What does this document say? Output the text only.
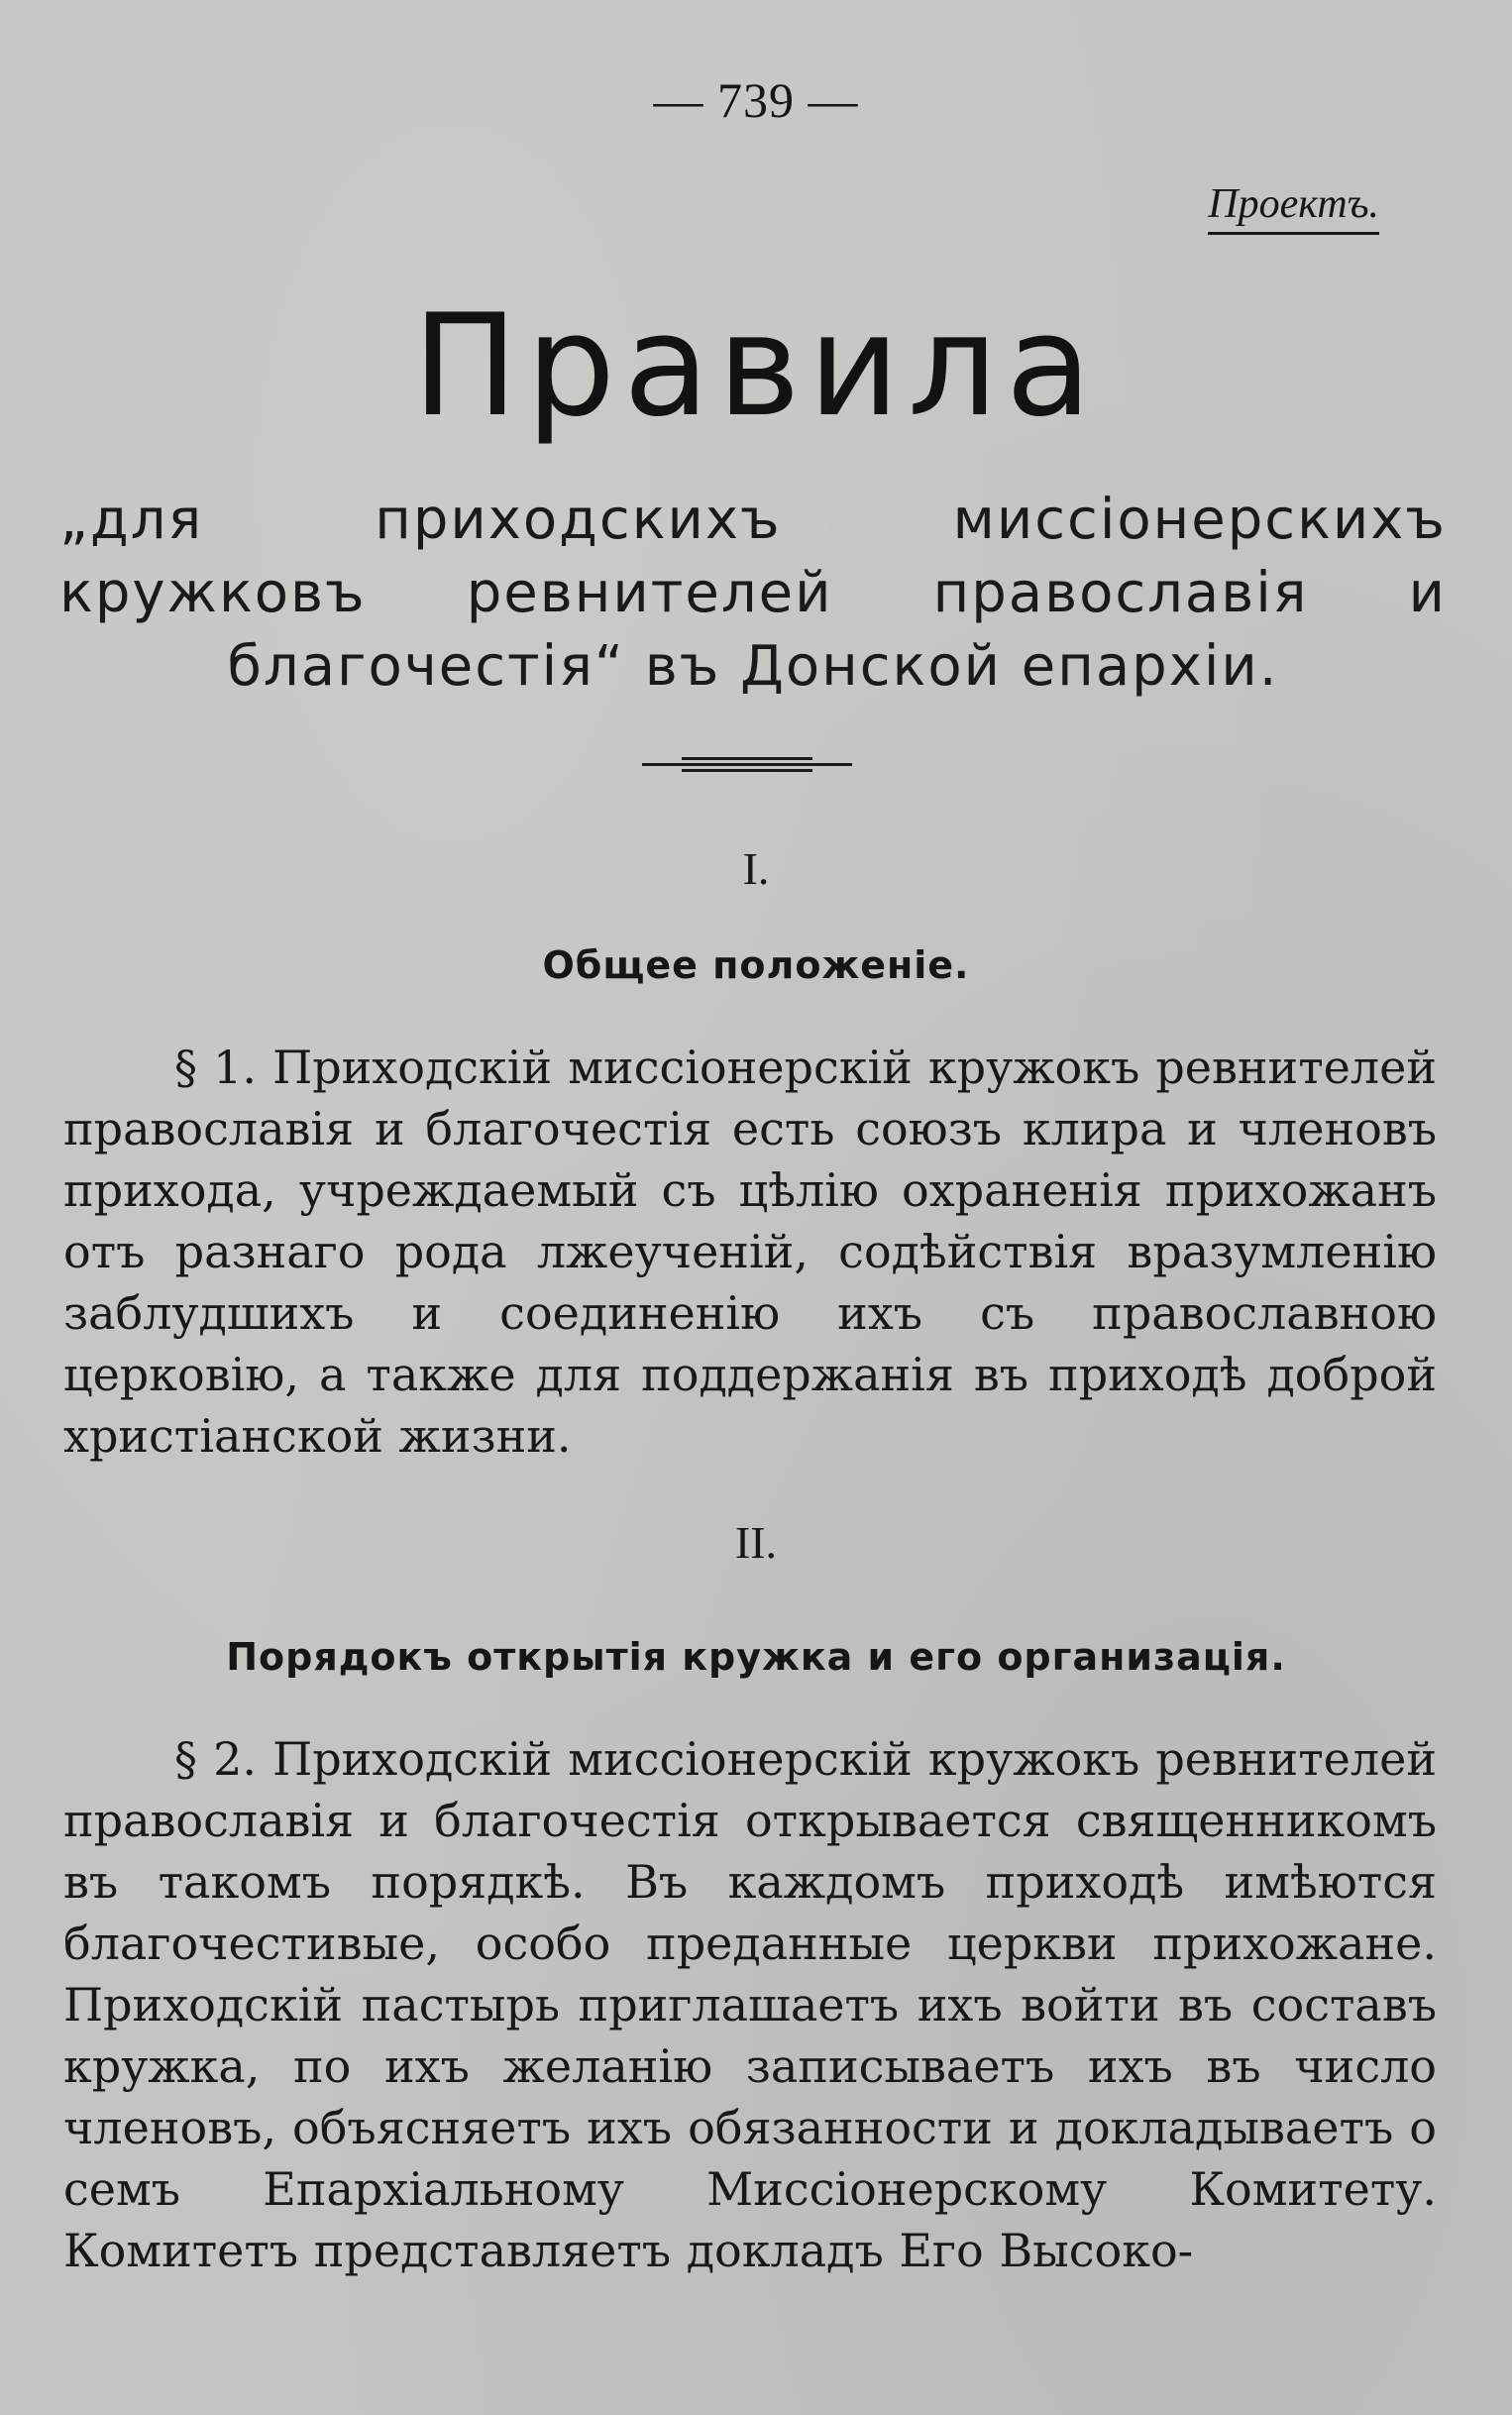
— 739 —
Проектъ.
Правила
„для приходскихъ миссіонерскихъ кружковъ ревнителей православія и благочестія“ въ Донской епархіи.
I.
Общее положеніе.

§ 1. Приходскій миссіонерскій кружокъ ревнителей православія и благочестія есть союзъ клира и членовъ прихода, учреждаемый съ цѣлію охраненія прихожанъ отъ разнаго рода лжеученій, содѣйствія вразумленію заблудшихъ и соединенію ихъ съ православною церковію, а также для поддержанія въ приходѣ доброй христіанской жизни.

II.
Порядокъ открытія кружка и его организація.

§ 2. Приходскій миссіонерскій кружокъ ревнителей православія и благочестія открывается священникомъ въ такомъ порядкѣ. Въ каждомъ приходѣ имѣются благочестивые, особо преданные церкви прихожане. Приходскій пастырь приглашаетъ ихъ войти въ составъ кружка, по ихъ желанію записываетъ ихъ въ число членовъ, объясняетъ ихъ обязанности и докладываетъ о семъ Епархіальному Миссіонерскому Комитету. Комитетъ представляетъ докладъ Его Высоко-
